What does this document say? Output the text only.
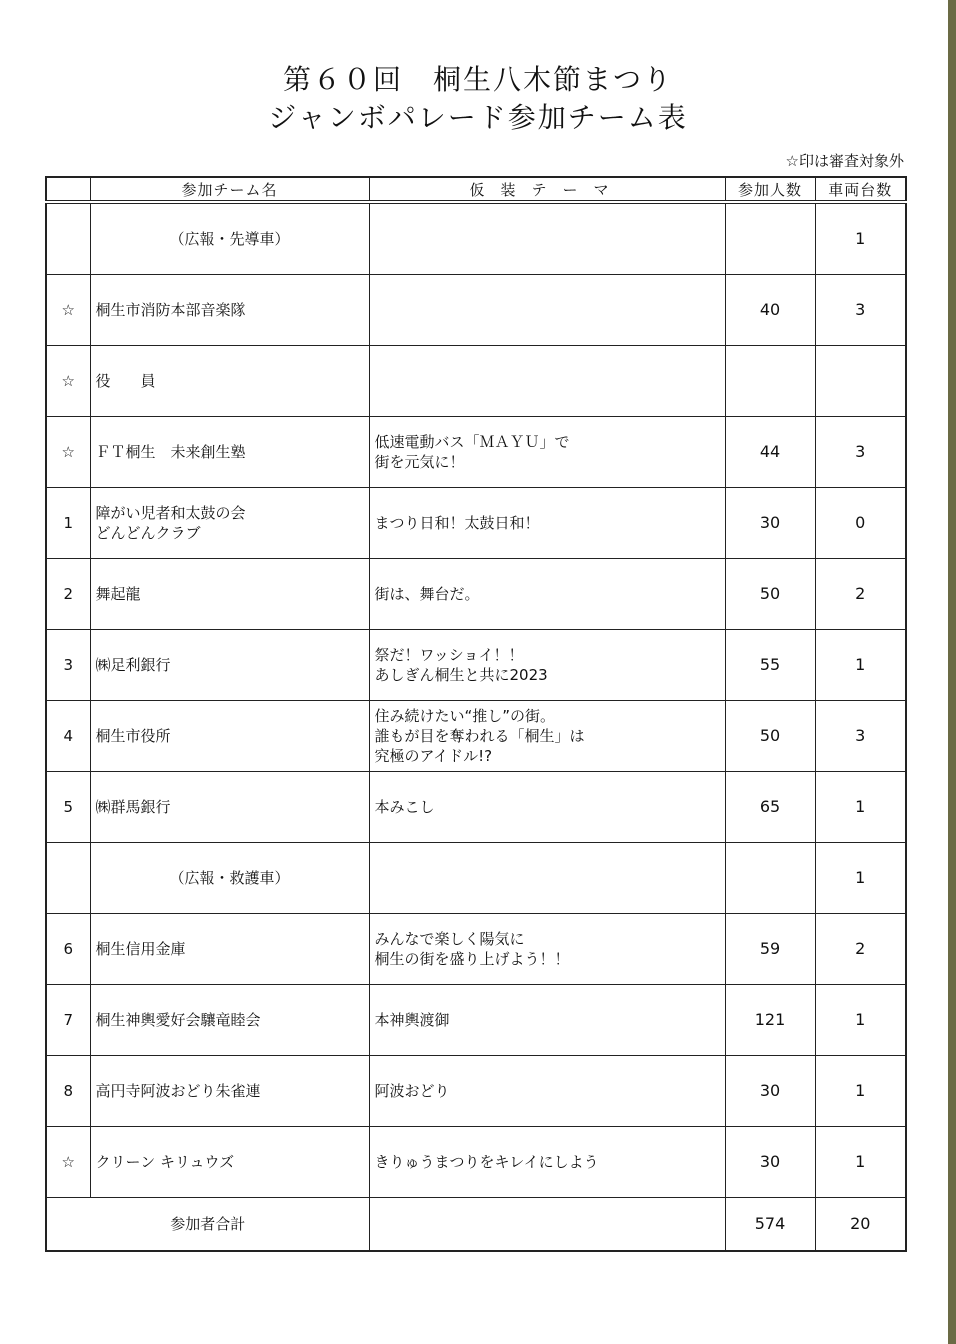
第６０回　桐生八木節まつり
ジャンボパレード参加チーム表
☆印は審査対象外
	参加チーム名	仮装テーマ	参加人数	車両台数
	（広報・先導車）			1
☆	桐生市消防本部音楽隊		40	3
☆	役　　員			
☆	ＦＴ桐生　未来創生塾	低速電動バス「ＭＡＹＵ」で
街を元気に！	44	3
1	障がい児者和太鼓の会
どんどんクラブ	まつり日和！太鼓日和！	30	0
2	舞起龍	街は、舞台だ。	50	2
3	㈱足利銀行	祭だ！ワッショイ！！
あしぎん桐生と共に2023	55	1
4	桐生市役所	住み続けたい“推し”の街。
誰もが目を奪われる「桐生」は
究極のアイドル!?	50	3
5	㈱群馬銀行	本みこし	65	1
	（広報・救護車）			1
6	桐生信用金庫	みんなで楽しく陽気に
桐生の街を盛り上げよう！！	59	2
7	桐生神輿愛好会驤竜睦会	本神輿渡御	121	1
8	高円寺阿波おどり朱雀連	阿波おどり	30	1
☆	クリーン キリュウズ	きりゅうまつりをキレイにしよう	30	1
参加者合計			574	20
